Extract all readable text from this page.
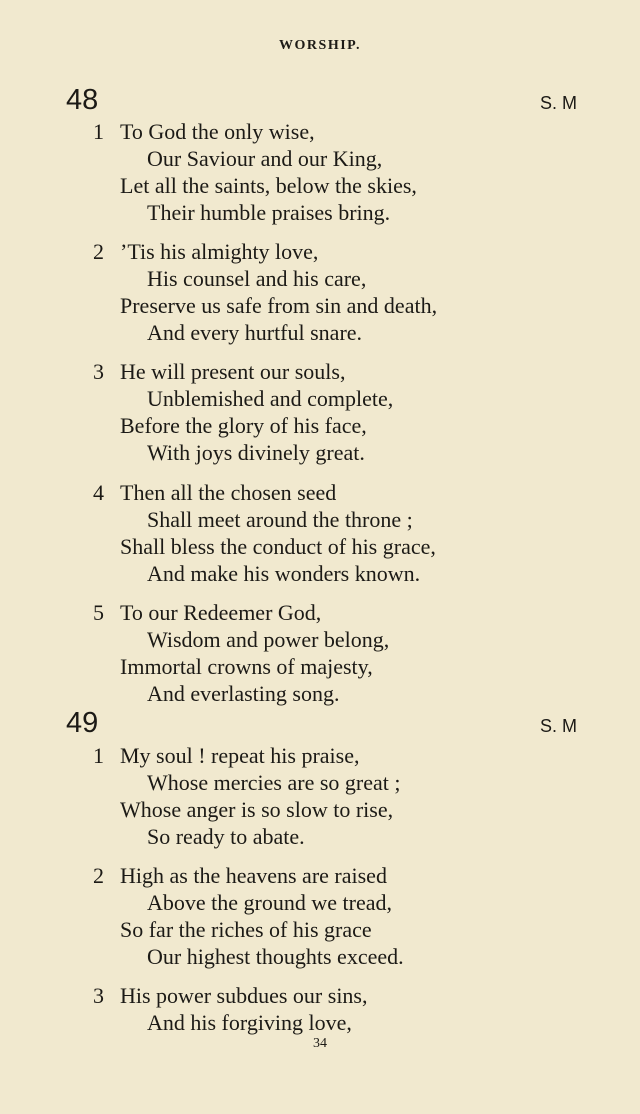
WORSHIP.
48	S. M
1 To God the only wise,
Our Saviour and our King,
Let all the saints, below the skies,
Their humble praises bring.
2 ’Tis his almighty love,
His counsel and his care,
Preserve us safe from sin and death,
And every hurtful snare.
3 He will present our souls,
Unblemished and complete,
Before the glory of his face,
With joys divinely great.
4 Then all the chosen seed
Shall meet around the throne ;
Shall bless the conduct of his grace,
And make his wonders known.
5 To our Redeemer God,
Wisdom and power belong,
Immortal crowns of majesty,
And everlasting song.
49	S. M
1 My soul ! repeat his praise,
Whose mercies are so great ;
Whose anger is so slow to rise,
So ready to abate.
2 High as the heavens are raised
Above the ground we tread,
So far the riches of his grace
Our highest thoughts exceed.
3 His power subdues our sins,
And his forgiving love,
34
